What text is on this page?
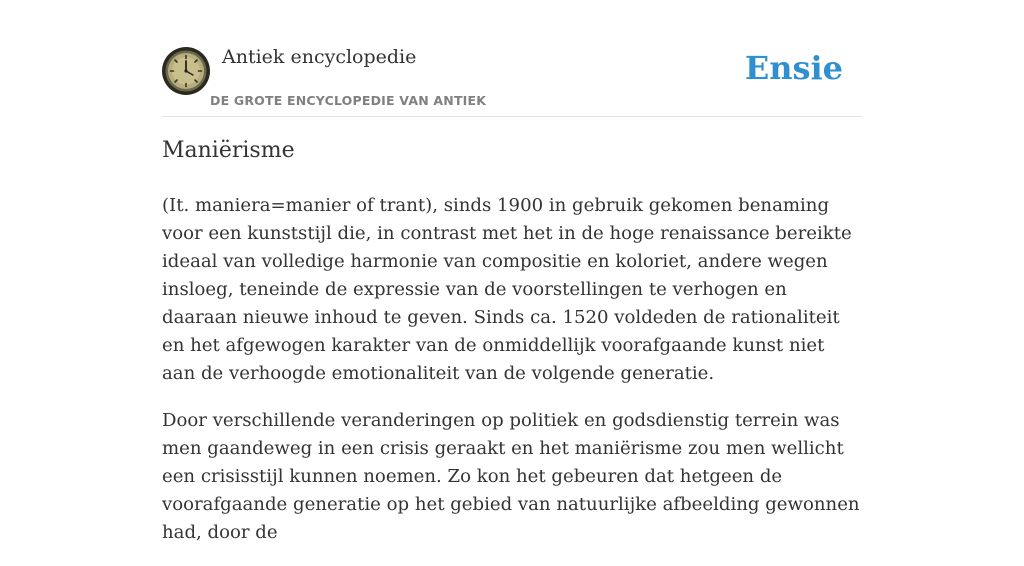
Antiek encyclopedie
DE GROTE ENCYCLOPEDIE VAN ANTIEK
Ensie
Maniërisme

(It. maniera=manier of trant), sinds 1900 in gebruik gekomen benaming voor een kunststijl die, in contrast met het in de hoge renaissance bereikte ideaal van volledige harmonie van compositie en koloriet, andere wegen insloeg, teneinde de expressie van de voorstellingen te verhogen en daaraan nieuwe inhoud te geven. Sinds ca. 1520 voldeden de rationaliteit en het afgewogen karakter van de onmiddellijk voorafgaande kunst niet aan de verhoogde emotionaliteit van de volgende generatie.

Door verschillende veranderingen op politiek en godsdienstig terrein was men gaandeweg in een crisis geraakt en het maniërisme zou men wellicht een crisisstijl kunnen noemen. Zo kon het gebeuren dat hetgeen de voorafgaande generatie op het gebied van natuurlijke afbeelding gewonnen had, door de
